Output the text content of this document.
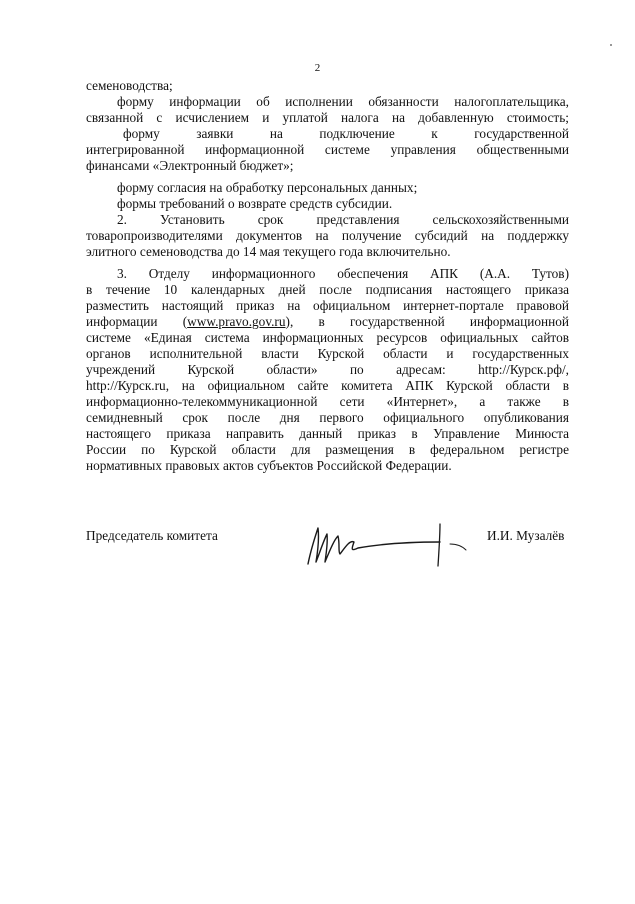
2
семеноводства;
форму информации об исполнении обязанности налогоплательщика,
связанной с исчислением и уплатой налога на добавленную стоимость;
форму заявки на подключение к государственной
интегрированной информационной системе управления общественными
финансами «Электронный бюджет»;
форму согласия на обработку персональных данных;
формы требований о возврате средств субсидии.
2. Установить срок представления сельскохозяйственными
товаропроизводителями документов на получение субсидий на поддержку
элитного семеноводства до 14 мая текущего года включительно.
3. Отделу информационного обеспечения АПК (А.А. Тутов)
в течение 10 календарных дней после подписания настоящего приказа
разместить настоящий приказ на официальном интернет-портале правовой
информации (www.pravo.gov.ru), в государственной информационной
системе «Единая система информационных ресурсов официальных сайтов
органов исполнительной власти Курской области и государственных
учреждений Курской области» по адресам: http://Курск.рф/,
http://Курск.ru, на официальном сайте комитета АПК Курской области в
информационно-телекоммуникационной сети «Интернет», а также в
семидневный срок после дня первого официального опубликования
настоящего приказа направить данный приказ в Управление Минюста
России по Курской области для размещения в федеральном регистре
нормативных правовых актов субъектов Российской Федерации.
Председатель комитета	И.И. Музалёв
